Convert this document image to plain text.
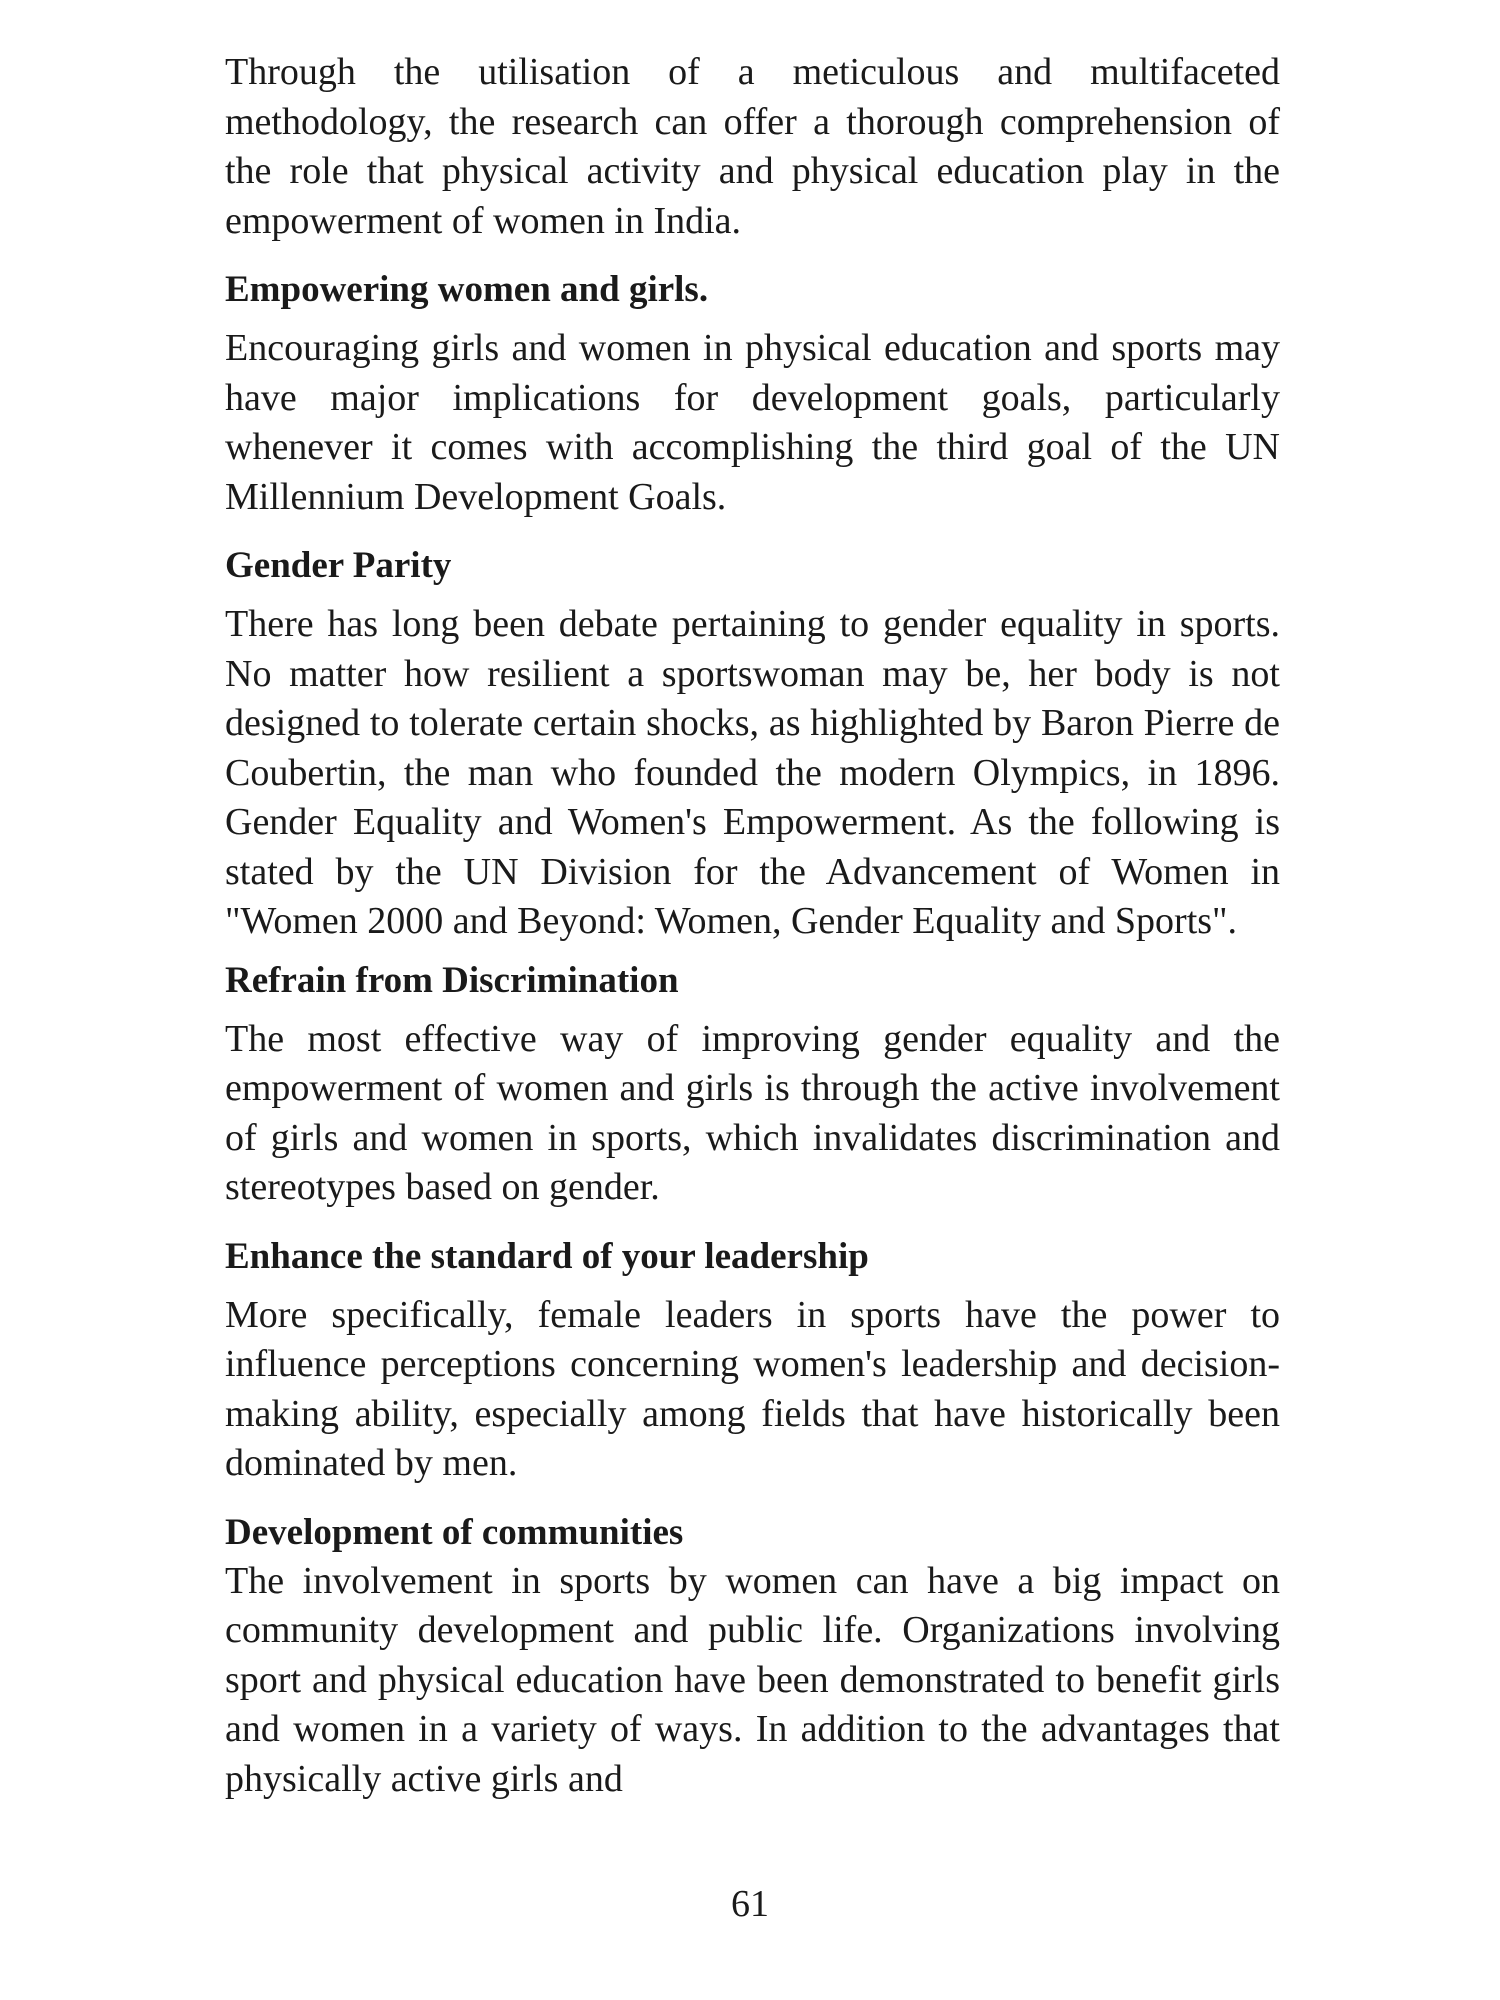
Through the utilisation of a meticulous and multifaceted methodology, the research can offer a thorough comprehension of the role that physical activity and physical education play in the empowerment of women in India.

Empowering women and girls.

Encouraging girls and women in physical education and sports may have major implications for development goals, particularly whenever it comes with accomplishing the third goal of the UN Millennium Development Goals.

Gender Parity

There has long been debate pertaining to gender equality in sports. No matter how resilient a sportswoman may be, her body is not designed to tolerate certain shocks, as highlighted by Baron Pierre de Coubertin, the man who founded the modern Olympics, in 1896. Gender Equality and Women's Empowerment. As the following is stated by the UN Division for the Advancement of Women in "Women 2000 and Beyond: Women, Gender Equality and Sports".

Refrain from Discrimination

The most effective way of improving gender equality and the empowerment of women and girls is through the active involvement of girls and women in sports, which invalidates discrimination and stereotypes based on gender.

Enhance the standard of your leadership

More specifically, female leaders in sports have the power to influence perceptions concerning women's leadership and decision-making ability, especially among fields that have historically been dominated by men.

Development of communities

The involvement in sports by women can have a big impact on community development and public life. Organizations involving sport and physical education have been demonstrated to benefit girls and women in a variety of ways. In addition to the advantages that physically active girls and

61
